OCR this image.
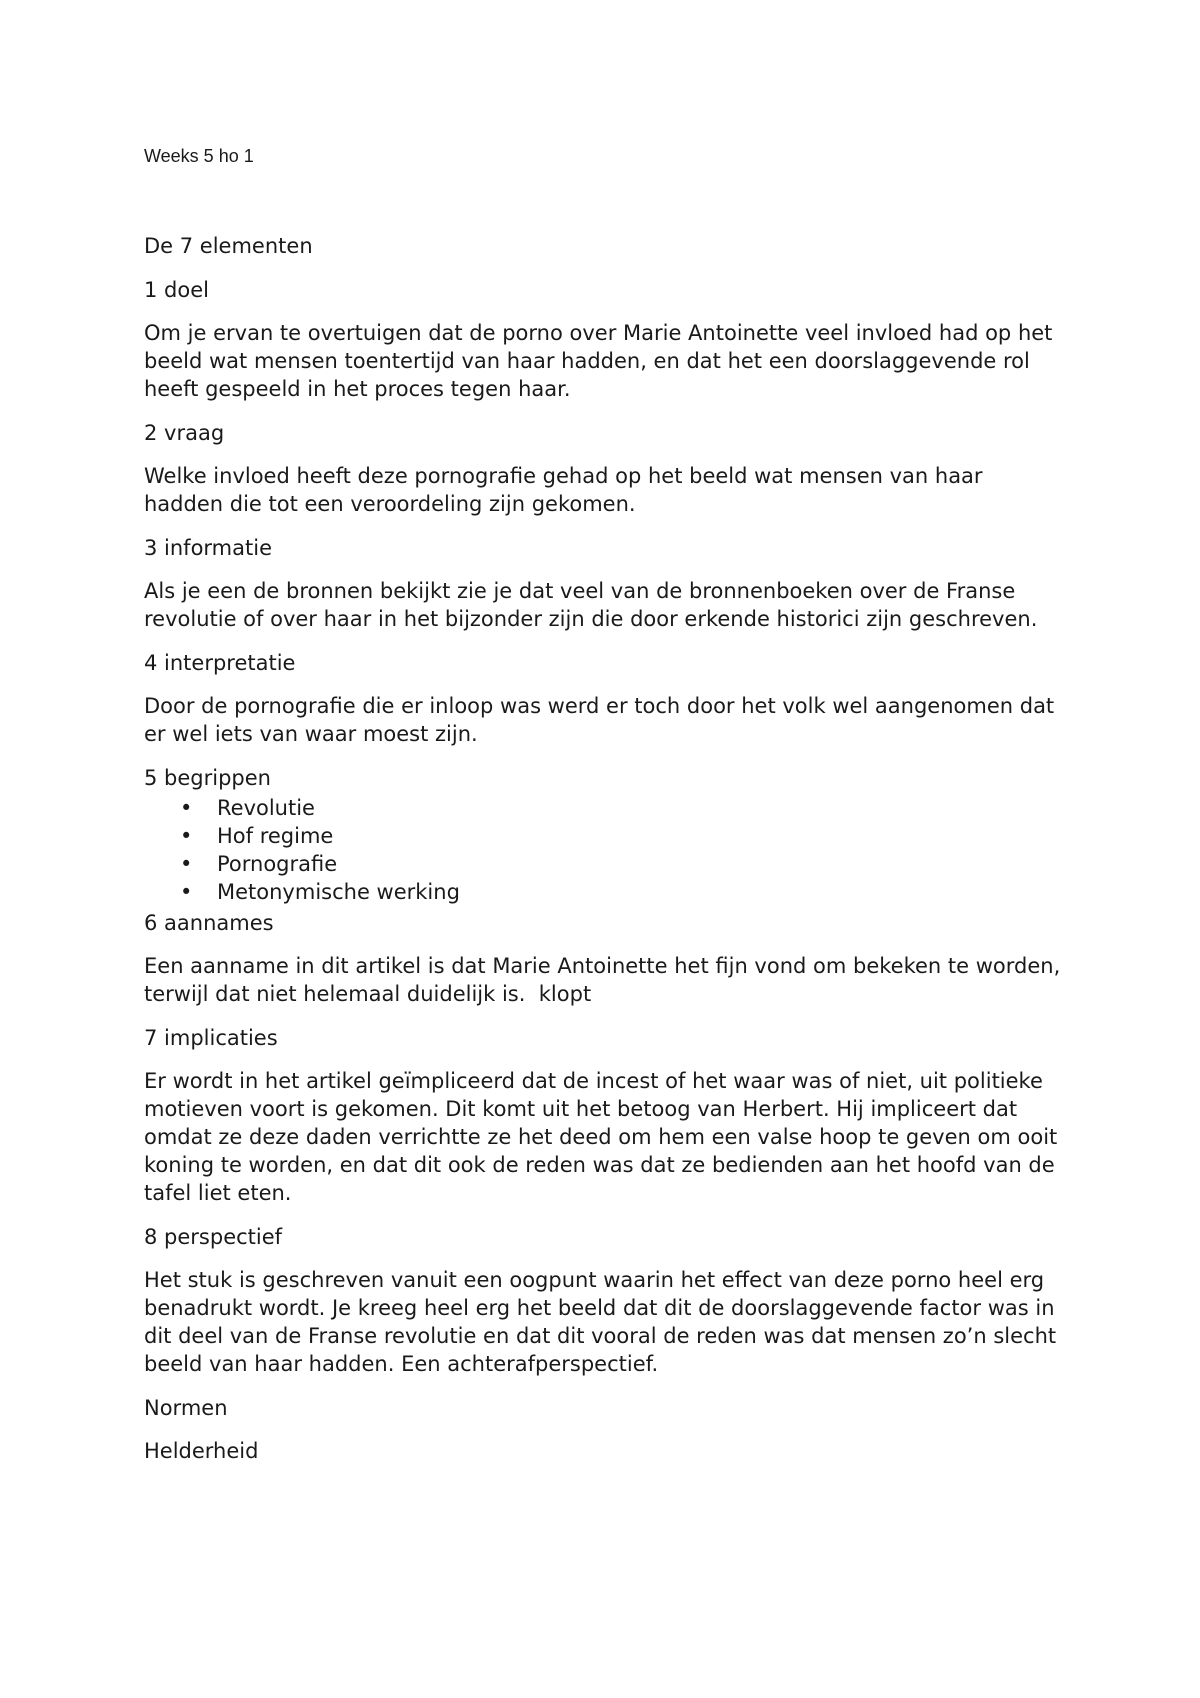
Weeks 5 ho 1

De 7 elementen

1 doel

Om je ervan te overtuigen dat de porno over Marie Antoinette veel invloed had op het beeld wat mensen toentertijd van haar hadden, en dat het een doorslaggevende rol heeft gespeeld in het proces tegen haar.

2 vraag

Welke invloed heeft deze pornografie gehad op het beeld wat mensen van haar hadden die tot een veroordeling zijn gekomen.

3 informatie

Als je een de bronnen bekijkt zie je dat veel van de bronnenboeken over de Franse revolutie of over haar in het bijzonder zijn die door erkende historici zijn geschreven.

4 interpretatie

Door de pornografie die er inloop was werd er toch door het volk wel aangenomen dat er wel iets van waar moest zijn.

5 begrippen

• Revolutie
• Hof regime
• Pornografie
• Metonymische werking

6 aannames

Een aanname in dit artikel is dat Marie Antoinette het fijn vond om bekeken te worden, terwijl dat niet helemaal duidelijk is.  klopt

7 implicaties

Er wordt in het artikel geïmpliceerd dat de incest of het waar was of niet, uit politieke motieven voort is gekomen. Dit komt uit het betoog van Herbert. Hij impliceert dat omdat ze deze daden verrichtte ze het deed om hem een valse hoop te geven om ooit koning te worden, en dat dit ook de reden was dat ze bedienden aan het hoofd van de tafel liet eten.

8 perspectief

Het stuk is geschreven vanuit een oogpunt waarin het effect van deze porno heel erg benadrukt wordt. Je kreeg heel erg het beeld dat dit de doorslaggevende factor was in dit deel van de Franse revolutie en dat dit vooral de reden was dat mensen zo’n slecht beeld van haar hadden. Een achterafperspectief.

Normen

Helderheid
